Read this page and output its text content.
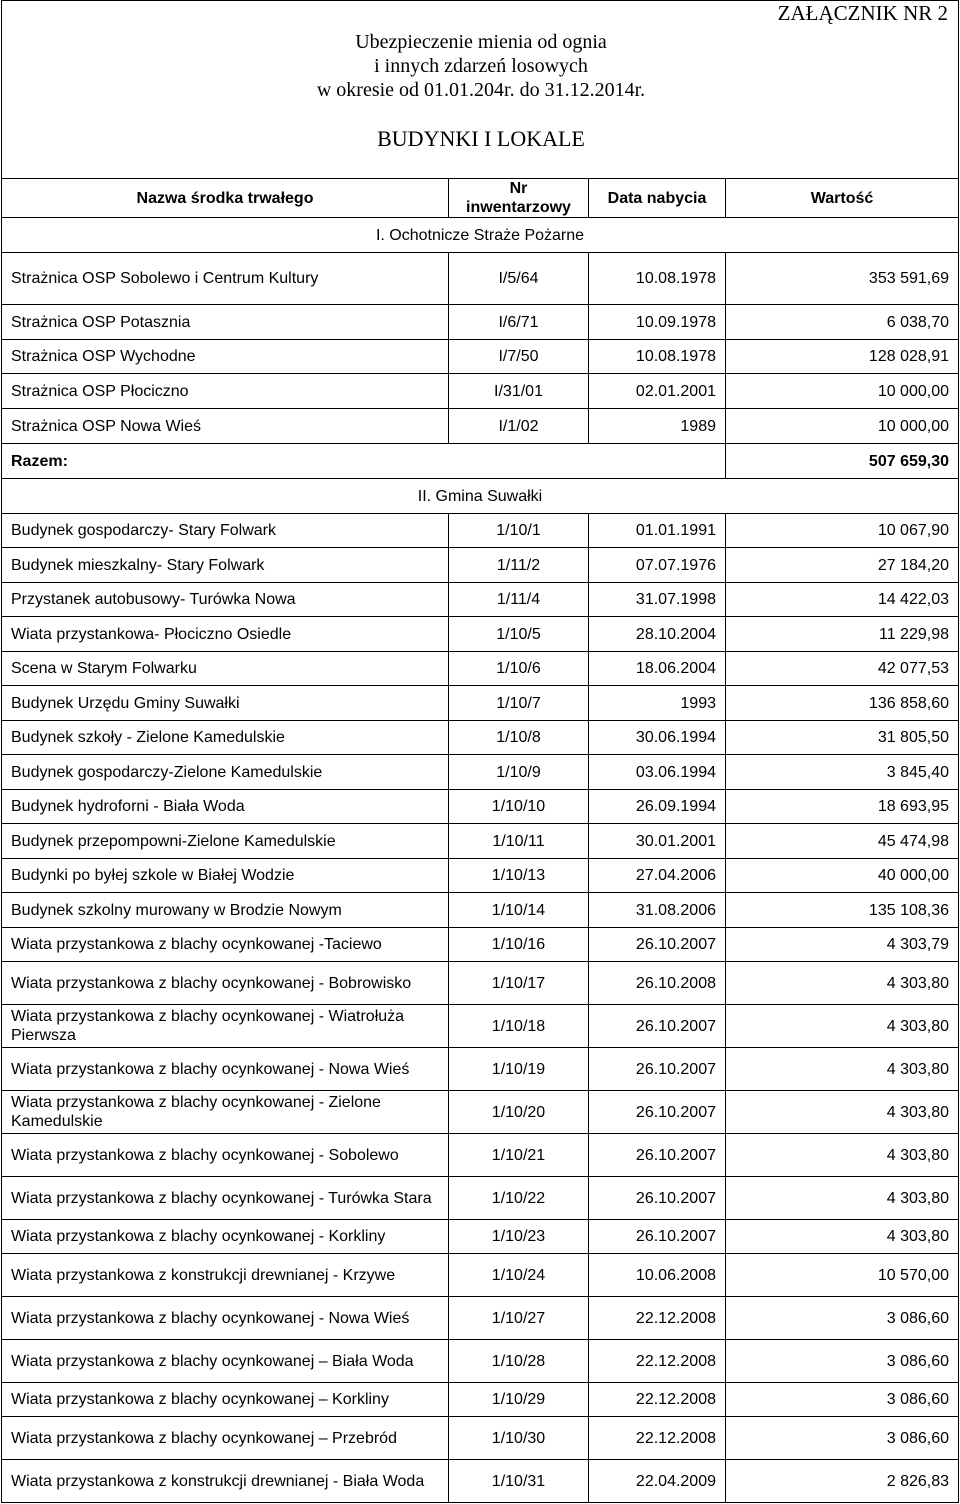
ZAŁĄCZNIK NR 2
Ubezpieczenie mienia od ognia
i innych zdarzeń losowych
w okresie od 01.01.204r. do 31.12.2014r.
BUDYNKI I LOKALE			

Nazwa środka trwałego	Nr inwentarzowy	Data nabycia	Wartość
I. Ochotnicze Straże Pożarne			
Strażnica OSP Sobolewo i Centrum Kultury	I/5/64	10.08.1978	353 591,69
Strażnica OSP Potasznia	I/6/71	10.09.1978	6 038,70
Strażnica OSP Wychodne	I/7/50	10.08.1978	128 028,91
Strażnica OSP Płociczno	I/31/01	02.01.2001	10 000,00
Strażnica OSP Nowa Wieś	I/1/02	1989	10 000,00
Razem:			507 659,30
II. Gmina Suwałki			
Budynek gospodarczy- Stary Folwark	1/10/1	01.01.1991	10 067,90
Budynek mieszkalny- Stary Folwark	1/11/2	07.07.1976	27 184,20
Przystanek autobusowy- Turówka Nowa	1/11/4	31.07.1998	14 422,03
Wiata przystankowa- Płociczno Osiedle	1/10/5	28.10.2004	11 229,98
Scena w Starym Folwarku	1/10/6	18.06.2004	42 077,53
Budynek Urzędu Gminy Suwałki	1/10/7	1993	136 858,60
Budynek szkoły - Zielone Kamedulskie	1/10/8	30.06.1994	31 805,50
Budynek gospodarczy-Zielone Kamedulskie	1/10/9	03.06.1994	3 845,40
Budynek hydroforni - Biała Woda	1/10/10	26.09.1994	18 693,95
Budynek przepompowni-Zielone Kamedulskie	1/10/11	30.01.2001	45 474,98
Budynki po byłej szkole w Białej Wodzie	1/10/13	27.04.2006	40 000,00
Budynek szkolny murowany w Brodzie Nowym	1/10/14	31.08.2006	135 108,36
Wiata przystankowa z blachy ocynkowanej -Taciewo	1/10/16	26.10.2007	4 303,79
Wiata przystankowa z blachy ocynkowanej - Bobrowisko	1/10/17	26.10.2008	4 303,80
Wiata przystankowa z blachy ocynkowanej - Wiatrołuża Pierwsza	1/10/18	26.10.2007	4 303,80
Wiata przystankowa z blachy ocynkowanej - Nowa Wieś	1/10/19	26.10.2007	4 303,80
Wiata przystankowa z blachy ocynkowanej - Zielone Kamedulskie	1/10/20	26.10.2007	4 303,80
Wiata przystankowa z blachy ocynkowanej - Sobolewo	1/10/21	26.10.2007	4 303,80
Wiata przystankowa z blachy ocynkowanej - Turówka Stara	1/10/22	26.10.2007	4 303,80
Wiata przystankowa z blachy ocynkowanej - Korkliny	1/10/23	26.10.2007	4 303,80
Wiata przystankowa z konstrukcji drewnianej - Krzywe	1/10/24	10.06.2008	10 570,00
Wiata przystankowa z blachy ocynkowanej - Nowa Wieś	1/10/27	22.12.2008	3 086,60
Wiata przystankowa z blachy ocynkowanej – Biała Woda	1/10/28	22.12.2008	3 086,60
Wiata przystankowa z blachy ocynkowanej – Korkliny	1/10/29	22.12.2008	3 086,60
Wiata przystankowa z blachy ocynkowanej – Przebród	1/10/30	22.12.2008	3 086,60
Wiata przystankowa z konstrukcji drewnianej - Biała Woda	1/10/31	22.04.2009	2 826,83
